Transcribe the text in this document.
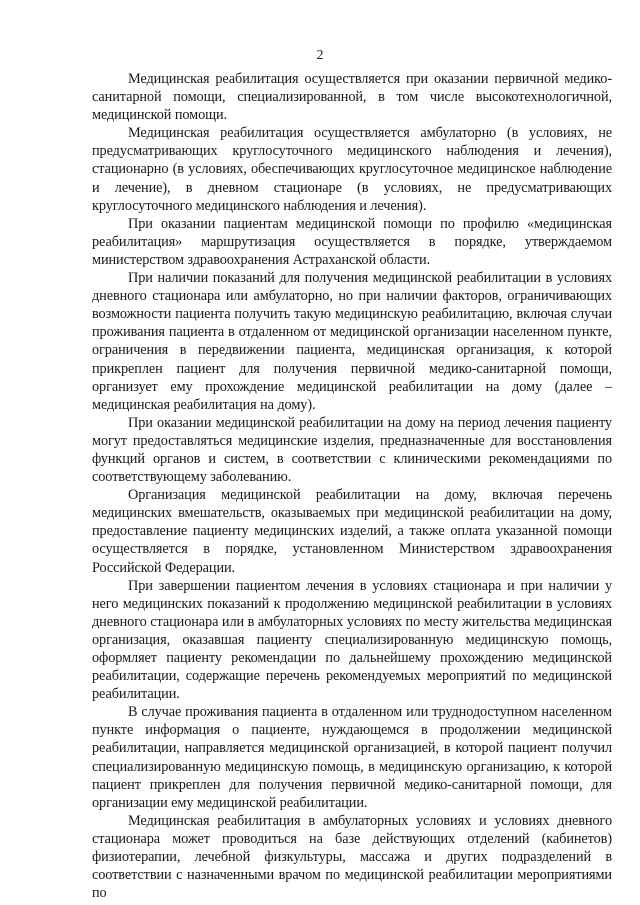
2

Медицинская реабилитация осуществляется при оказании первичной медико-санитарной помощи, специализированной, в том числе высокотехнологичной, медицинской помощи.

Медицинская реабилитация осуществляется амбулаторно (в условиях, не предусматривающих круглосуточного медицинского наблюдения и лечения), стационарно (в условиях, обеспечивающих круглосуточное медицинское наблюдение и лечение), в дневном стационаре (в условиях, не предусматривающих круглосуточного медицинского наблюдения и лечения).

При оказании пациентам медицинской помощи по профилю «медицинская реабилитация» маршрутизация осуществляется в порядке, утверждаемом министерством здравоохранения Астраханской области.

При наличии показаний для получения медицинской реабилитации в условиях дневного стационара или амбулаторно, но при наличии факторов, ограничивающих возможности пациента получить такую медицинскую реабилитацию, включая случаи проживания пациента в отдаленном от медицинской организации населенном пункте, ограничения в передвижении пациента, медицинская организация, к которой прикреплен пациент для получения первичной медико-санитарной помощи, организует ему прохождение медицинской реабилитации на дому (далее – медицинская реабилитация на дому).

При оказании медицинской реабилитации на дому на период лечения пациенту могут предоставляться медицинские изделия, предназначенные для восстановления функций органов и систем, в соответствии с клиническими рекомендациями по соответствующему заболеванию.

Организация медицинской реабилитации на дому, включая перечень медицинских вмешательств, оказываемых при медицинской реабилитации на дому, предоставление пациенту медицинских изделий, а также оплата указанной помощи осуществляется в порядке, установленном Министерством здравоохранения Российской Федерации.

При завершении пациентом лечения в условиях стационара и при наличии у него медицинских показаний к продолжению медицинской реабилитации в условиях дневного стационара или в амбулаторных условиях по месту жительства медицинская организация, оказавшая пациенту специализированную медицинскую помощь, оформляет пациенту рекомендации по дальнейшему прохождению медицинской реабилитации, содержащие перечень рекомендуемых мероприятий по медицинской реабилитации.

В случае проживания пациента в отдаленном или труднодоступном населенном пункте информация о пациенте, нуждающемся в продолжении медицинской реабилитации, направляется медицинской организацией, в которой пациент получил специализированную медицинскую помощь, в медицинскую организацию, к которой пациент прикреплен для получения первичной медико-санитарной помощи, для организации ему медицинской реабилитации.

Медицинская реабилитация в амбулаторных условиях и условиях дневного стационара может проводиться на базе действующих отделений (кабинетов) физиотерапии, лечебной физкультуры, массажа и других подразделений в соответствии с назначенными врачом по медицинской реабилитации мероприятиями по
